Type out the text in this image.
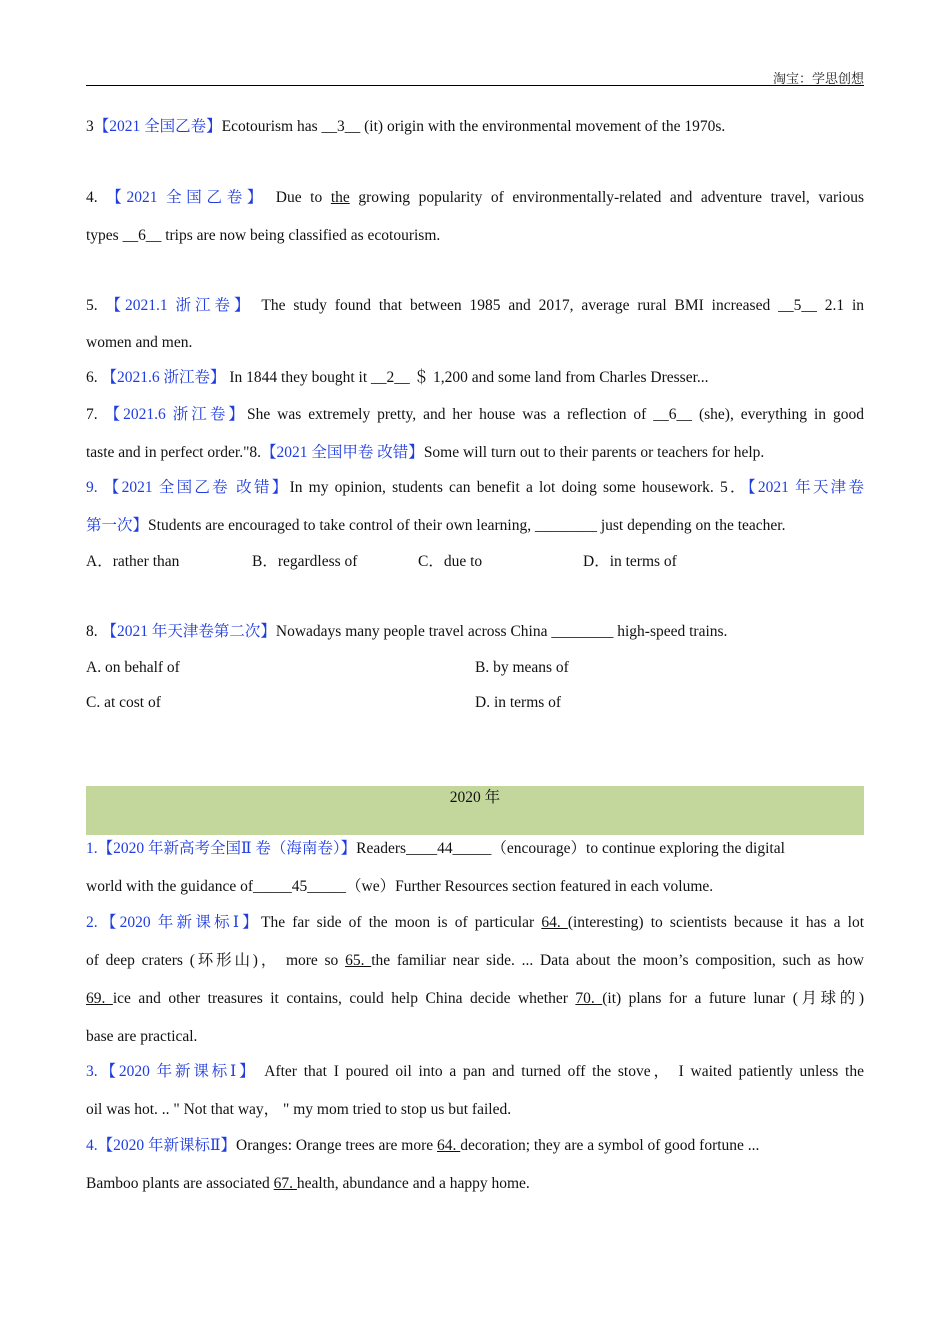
淘宝：学思创想
3【2021 全国乙卷】Ecotourism has __3__ (it) origin with the environmental movement of the 1970s.
4. 【2021 全国乙卷】 Due to the growing popularity of environmentally-related and adventure travel, various
types __6__ trips are now being classified as ecotourism.
5. 【2021.1 浙江卷】 The study found that between 1985 and 2017, average rural BMI increased __5__ 2.1 in
women and men.
6. 【2021.6 浙江卷】 In 1844 they bought it __2__ ＄ 1,200 and some land from Charles Dresser...
7. 【2021.6 浙江卷】She was extremely pretty, and her house was a reflection of __6__ (she), everything in good
taste and in perfect order."8.【2021 全国甲卷 改错】Some will turn out to their parents or teachers for help.
9. 【2021 全国乙卷 改错】In my opinion, students can benefit a lot doing some housework. 5．【2021 年天津卷
第一次】Students are encouraged to take control of their own learning, ________ just depending on the teacher.
8. 【2021 年天津卷第二次】Nowadays many people travel across China ________ high-speed trains.
1.【2020 年新高考全国Ⅱ 卷（海南卷）】Readers____44_____（encourage）to continue exploring the digital
world with the guidance of_____45_____（we）Further Resources section featured in each volume.
2.【2020 年新课标Ⅰ】The far side of the moon is of particular 64. (interesting) to scientists because it has a lot
of deep craters (环形山)， more so 65. the familiar near side. ... Data about the moon’s composition, such as how
69. ice and other treasures it contains, could help China decide whether 70. (it) plans for a future lunar (月球的)
base are practical.
3.【2020 年新课标Ⅰ】 After that I poured oil into a pan and turned off the stove， I waited patiently unless the
oil was hot. .. " Not that way， " my mom tried to stop us but failed.
4.【2020 年新课标Ⅱ】Oranges: Orange trees are more 64. decoration; they are a symbol of good fortune ...
Bamboo plants are associated 67. health, abundance and a happy home.
A．rather than	B．regardless of	C．due to	D．in terms of
A. on behalf of	B. by means of
C. at cost of	D. in terms of
2020 年
